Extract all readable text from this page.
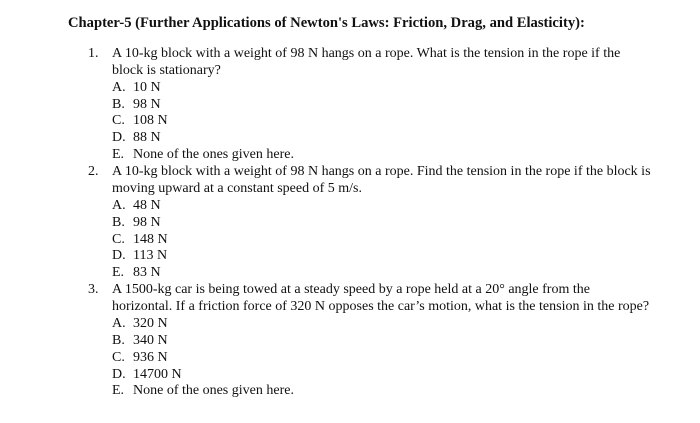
Chapter-5 (Further Applications of Newton's Laws: Friction, Drag, and Elasticity):
1. A 10-kg block with a weight of 98 N hangs on a rope. What is the tension in the rope if the block is stationary?
A. 10 N
B. 98 N
C. 108 N
D. 88 N
E. None of the ones given here.
2. A 10-kg block with a weight of 98 N hangs on a rope. Find the tension in the rope if the block is moving upward at a constant speed of 5 m/s.
A. 48 N
B. 98 N
C. 148 N
D. 113 N
E. 83 N
3. A 1500-kg car is being towed at a steady speed by a rope held at a 20° angle from the horizontal. If a friction force of 320 N opposes the car’s motion, what is the tension in the rope?
A. 320 N
B. 340 N
C. 936 N
D. 14700 N
E. None of the ones given here.
